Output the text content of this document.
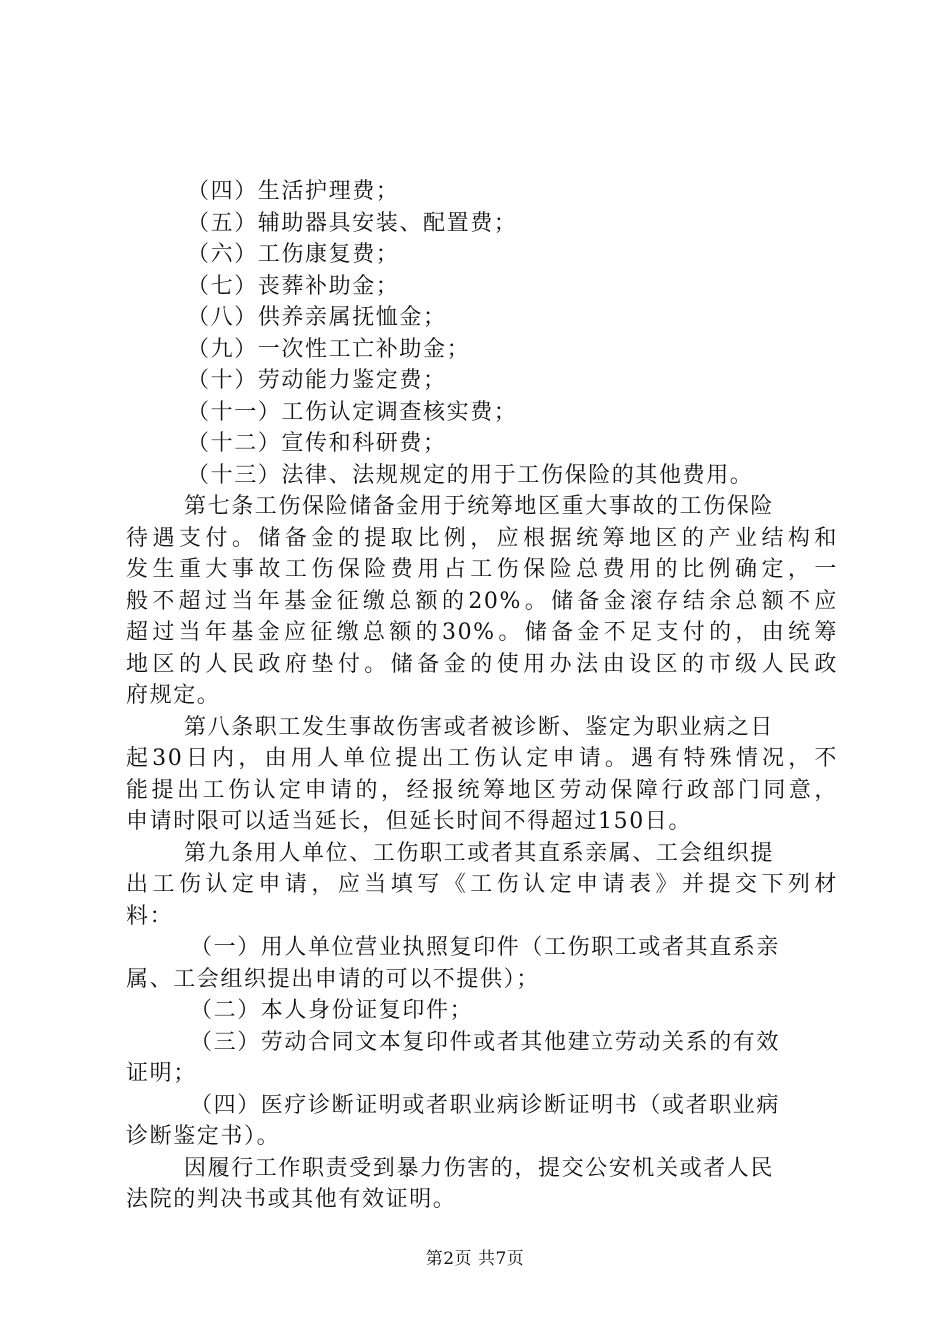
（四）生活护理费；
（五）辅助器具安装、配置费；
（六）工伤康复费；
（七）丧葬补助金；
（八）供养亲属抚恤金；
（九）一次性工亡补助金；
（十）劳动能力鉴定费；
（十一）工伤认定调查核实费；
（十二）宣传和科研费；
（十三）法律、法规规定的用于工伤保险的其他费用。
第七条工伤保险储备金用于统筹地区重大事故的工伤保险
待遇支付。储备金的提取比例，应根据统筹地区的产业结构和
发生重大事故工伤保险费用占工伤保险总费用的比例确定，一
般不超过当年基金征缴总额的20%。储备金滚存结余总额不应
超过当年基金应征缴总额的30%。储备金不足支付的，由统筹
地区的人民政府垫付。储备金的使用办法由设区的市级人民政
府规定。
第八条职工发生事故伤害或者被诊断、鉴定为职业病之日
起30日内，由用人单位提出工伤认定申请。遇有特殊情况，不
能提出工伤认定申请的，经报统筹地区劳动保障行政部门同意，
申请时限可以适当延长，但延长时间不得超过150日。
第九条用人单位、工伤职工或者其直系亲属、工会组织提
出工伤认定申请，应当填写《工伤认定申请表》并提交下列材
料：
（一）用人单位营业执照复印件（工伤职工或者其直系亲
属、工会组织提出申请的可以不提供）；
（二）本人身份证复印件；
（三）劳动合同文本复印件或者其他建立劳动关系的有效
证明；
（四）医疗诊断证明或者职业病诊断证明书（或者职业病
诊断鉴定书）。
因履行工作职责受到暴力伤害的，提交公安机关或者人民
法院的判决书或其他有效证明。
第2页 共7页
